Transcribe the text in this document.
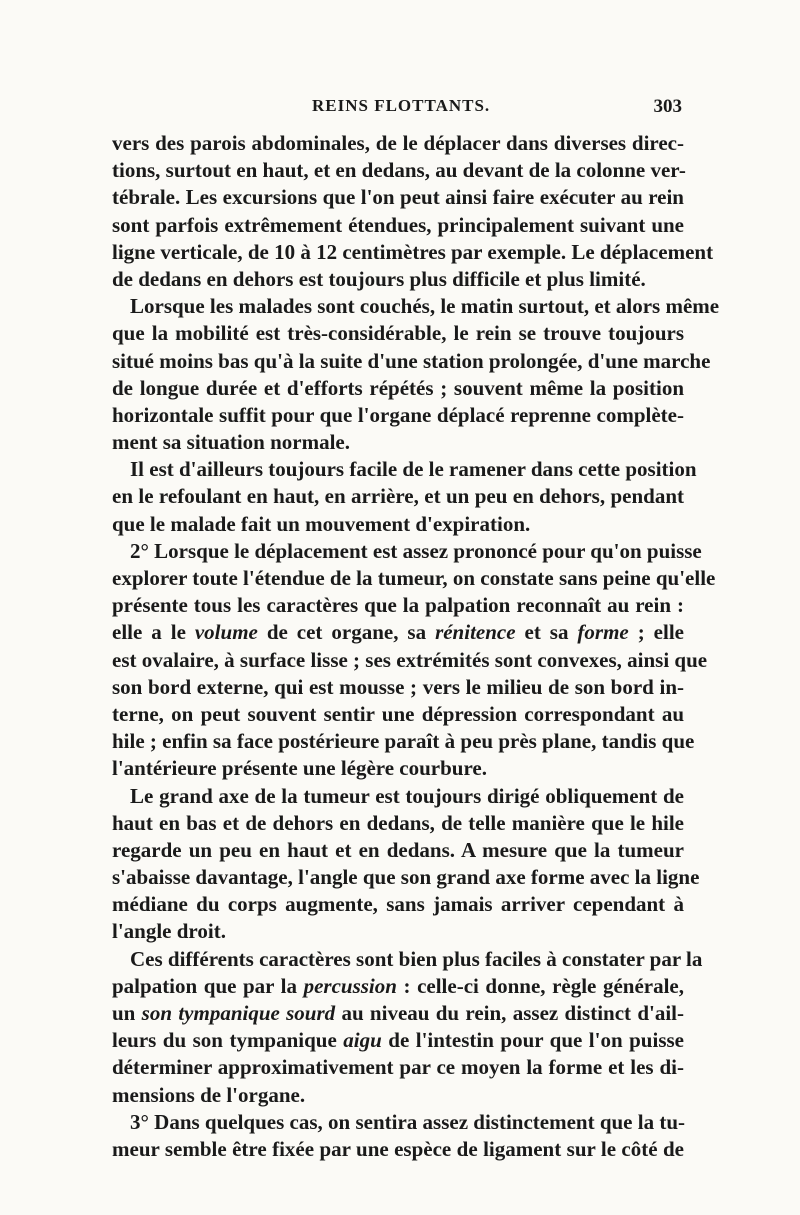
REINS FLOTTANTS.	303
vers des parois abdominales, de le déplacer dans diverses direc-
tions, surtout en haut, et en dedans, au devant de la colonne ver-
tébrale. Les excursions que l'on peut ainsi faire exécuter au rein
sont parfois extrêmement étendues, principalement suivant une
ligne verticale, de 10 à 12 centimètres par exemple. Le déplacement
de dedans en dehors est toujours plus difficile et plus limité.
Lorsque les malades sont couchés, le matin surtout, et alors même
que la mobilité est très-considérable, le rein se trouve toujours
situé moins bas qu'à la suite d'une station prolongée, d'une marche
de longue durée et d'efforts répétés ; souvent même la position
horizontale suffit pour que l'organe déplacé reprenne complète-
ment sa situation normale.
Il est d'ailleurs toujours facile de le ramener dans cette position
en le refoulant en haut, en arrière, et un peu en dehors, pendant
que le malade fait un mouvement d'expiration.
2° Lorsque le déplacement est assez prononcé pour qu'on puisse
explorer toute l'étendue de la tumeur, on constate sans peine qu'elle
présente tous les caractères que la palpation reconnaît au rein :
elle a le volume de cet organe, sa rénitence et sa forme ; elle
est ovalaire, à surface lisse ; ses extrémités sont convexes, ainsi que
son bord externe, qui est mousse ; vers le milieu de son bord in-
terne, on peut souvent sentir une dépression correspondant au
hile ; enfin sa face postérieure paraît à peu près plane, tandis que
l'antérieure présente une légère courbure.
Le grand axe de la tumeur est toujours dirigé obliquement de
haut en bas et de dehors en dedans, de telle manière que le hile
regarde un peu en haut et en dedans. A mesure que la tumeur
s'abaisse davantage, l'angle que son grand axe forme avec la ligne
médiane du corps augmente, sans jamais arriver cependant à
l'angle droit.
Ces différents caractères sont bien plus faciles à constater par la
palpation que par la percussion : celle-ci donne, règle générale,
un son tympanique sourd au niveau du rein, assez distinct d'ail-
leurs du son tympanique aigu de l'intestin pour que l'on puisse
déterminer approximativement par ce moyen la forme et les di-
mensions de l'organe.
3° Dans quelques cas, on sentira assez distinctement que la tu-
meur semble être fixée par une espèce de ligament sur le côté de
